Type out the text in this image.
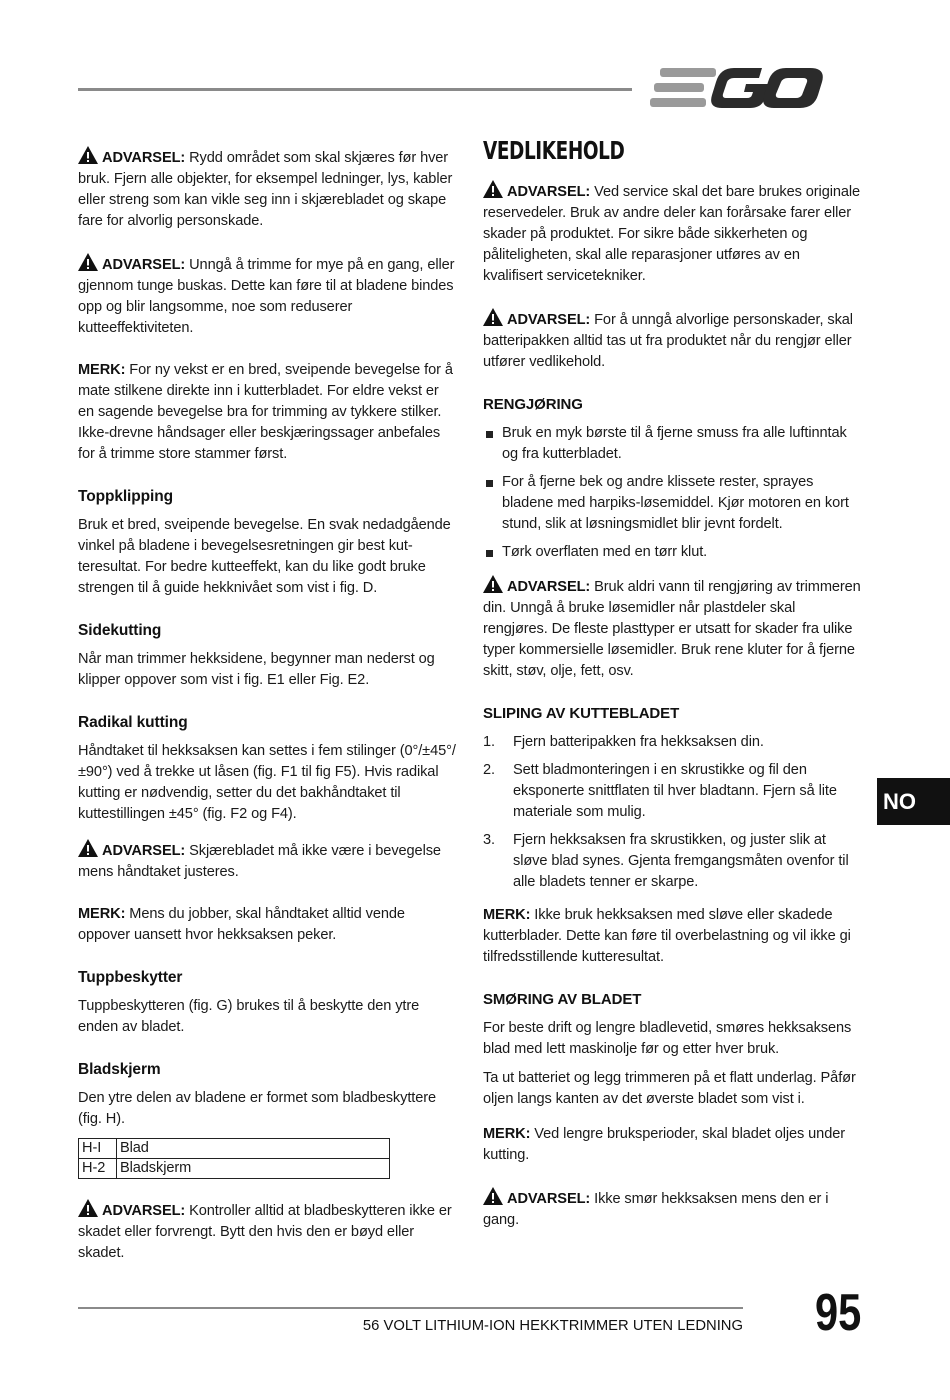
ADVARSEL: Rydd området som skal skjæres før hver bruk. Fjern alle objekter, for eksempel ledninger, lys, kabler eller streng som kan vikle seg inn i skjærebladet og skape fare for alvorlig personskade.

ADVARSEL: Unngå å trimme for mye på en gang, eller gjennom tunge buskas. Dette kan føre til at bladene bindes opp og blir langsomme, noe som reduserer kutteeffektiviteten.

MERK: For ny vekst er en bred, sveipende bevegelse for å mate stilkene direkte inn i kutterbladet. For eldre vekst er en sagende bevegelse bra for trimming av tykkere stilker. Ikke-drevne håndsager eller beskjæringssager anbefales for å trimme store stammer først.

Toppklipping

Bruk et bred, sveipende bevegelse. En svak nedadgående vinkel på bladene i bevegelsesretningen gir best kut-teresultat. For bedre kutteeffekt, kan du like godt bruke strengen til å guide hekknivået som vist i fig. D.

Sidekutting

Når man trimmer hekksidene, begynner man nederst og klipper oppover som vist i fig. E1 eller Fig. E2.

Radikal kutting

Håndtaket til hekksaksen kan settes i fem stilinger (0°/±45°/±90°) ved å trekke ut låsen (fig. F1 til fig F5). Hvis radikal kutting er nødvendig, setter du det bakhåndtaket til kuttestillingen ±45° (fig. F2 og F4).

ADVARSEL: Skjærebladet må ikke være i bevegelse mens håndtaket justeres.

MERK: Mens du jobber, skal håndtaket alltid vende oppover uansett hvor hekksaksen peker.

Tuppbeskytter

Tuppbeskytteren (fig. G) brukes til å beskytte den ytre enden av bladet.

Bladskjerm

Den ytre delen av bladene er formet som bladbeskyttere (fig. H).

H-I	Blad
H-2	Bladskjerm

ADVARSEL: Kontroller alltid at bladbeskytteren ikke er skadet eller forvrengt. Bytt den hvis den er bøyd eller skadet.

VEDLIKEHOLD

ADVARSEL: Ved service skal det bare brukes originale reservedeler. Bruk av andre deler kan forårsake farer eller skader på produktet. For sikre både sikkerheten og påliteligheten, skal alle reparasjoner utføres av en kvalifisert servicetekniker.

ADVARSEL: For å unngå alvorlige personskader, skal batteripakken alltid tas ut fra produktet når du rengjør eller utfører vedlikehold.

RENGJØRING
Bruk en myk børste til å fjerne smuss fra alle luftinntak og fra kutterbladet.
For å fjerne bek og andre klissete rester, sprayes bladene med harpiks-løsemiddel. Kjør motoren en kort stund, slik at løsningsmidlet blir jevnt fordelt.
Tørk overflaten med en tørr klut.

ADVARSEL: Bruk aldri vann til rengjøring av trimmeren din. Unngå å bruke løsemidler når plastdeler skal rengjøres. De fleste plasttyper er utsatt for skader fra ulike typer kommersielle løsemidler. Bruk rene kluter for å fjerne skitt, støv, olje, fett, osv.

SLIPING AV KUTTEBLADET
1. Fjern batteripakken fra hekksaksen din.
2. Sett bladmonteringen i en skrustikke og fil den eksponerte snittflaten til hver bladtann. Fjern så lite materiale som mulig.
3. Fjern hekksaksen fra skrustikken, og juster slik at sløve blad synes. Gjenta fremgangsmåten ovenfor til alle bladets tenner er skarpe.

MERK: Ikke bruk hekksaksen med sløve eller skadede kutterblader. Dette kan føre til overbelastning og vil ikke gi tilfredsstillende kutteresultat.

SMØRING AV BLADET

For beste drift og lengre bladlevetid, smøres hekksaksens blad med lett maskinolje før og etter hver bruk.

Ta ut batteriet og legg trimmeren på et flatt underlag. Påfør oljen langs kanten av det øverste bladet som vist i.

MERK: Ved lengre bruksperioder, skal bladet oljes under kutting.

ADVARSEL: Ikke smør hekksaksen mens den er i gang.

NO
56 VOLT LITHIUM-ION HEKKTRIMMER UTEN LEDNING 95
